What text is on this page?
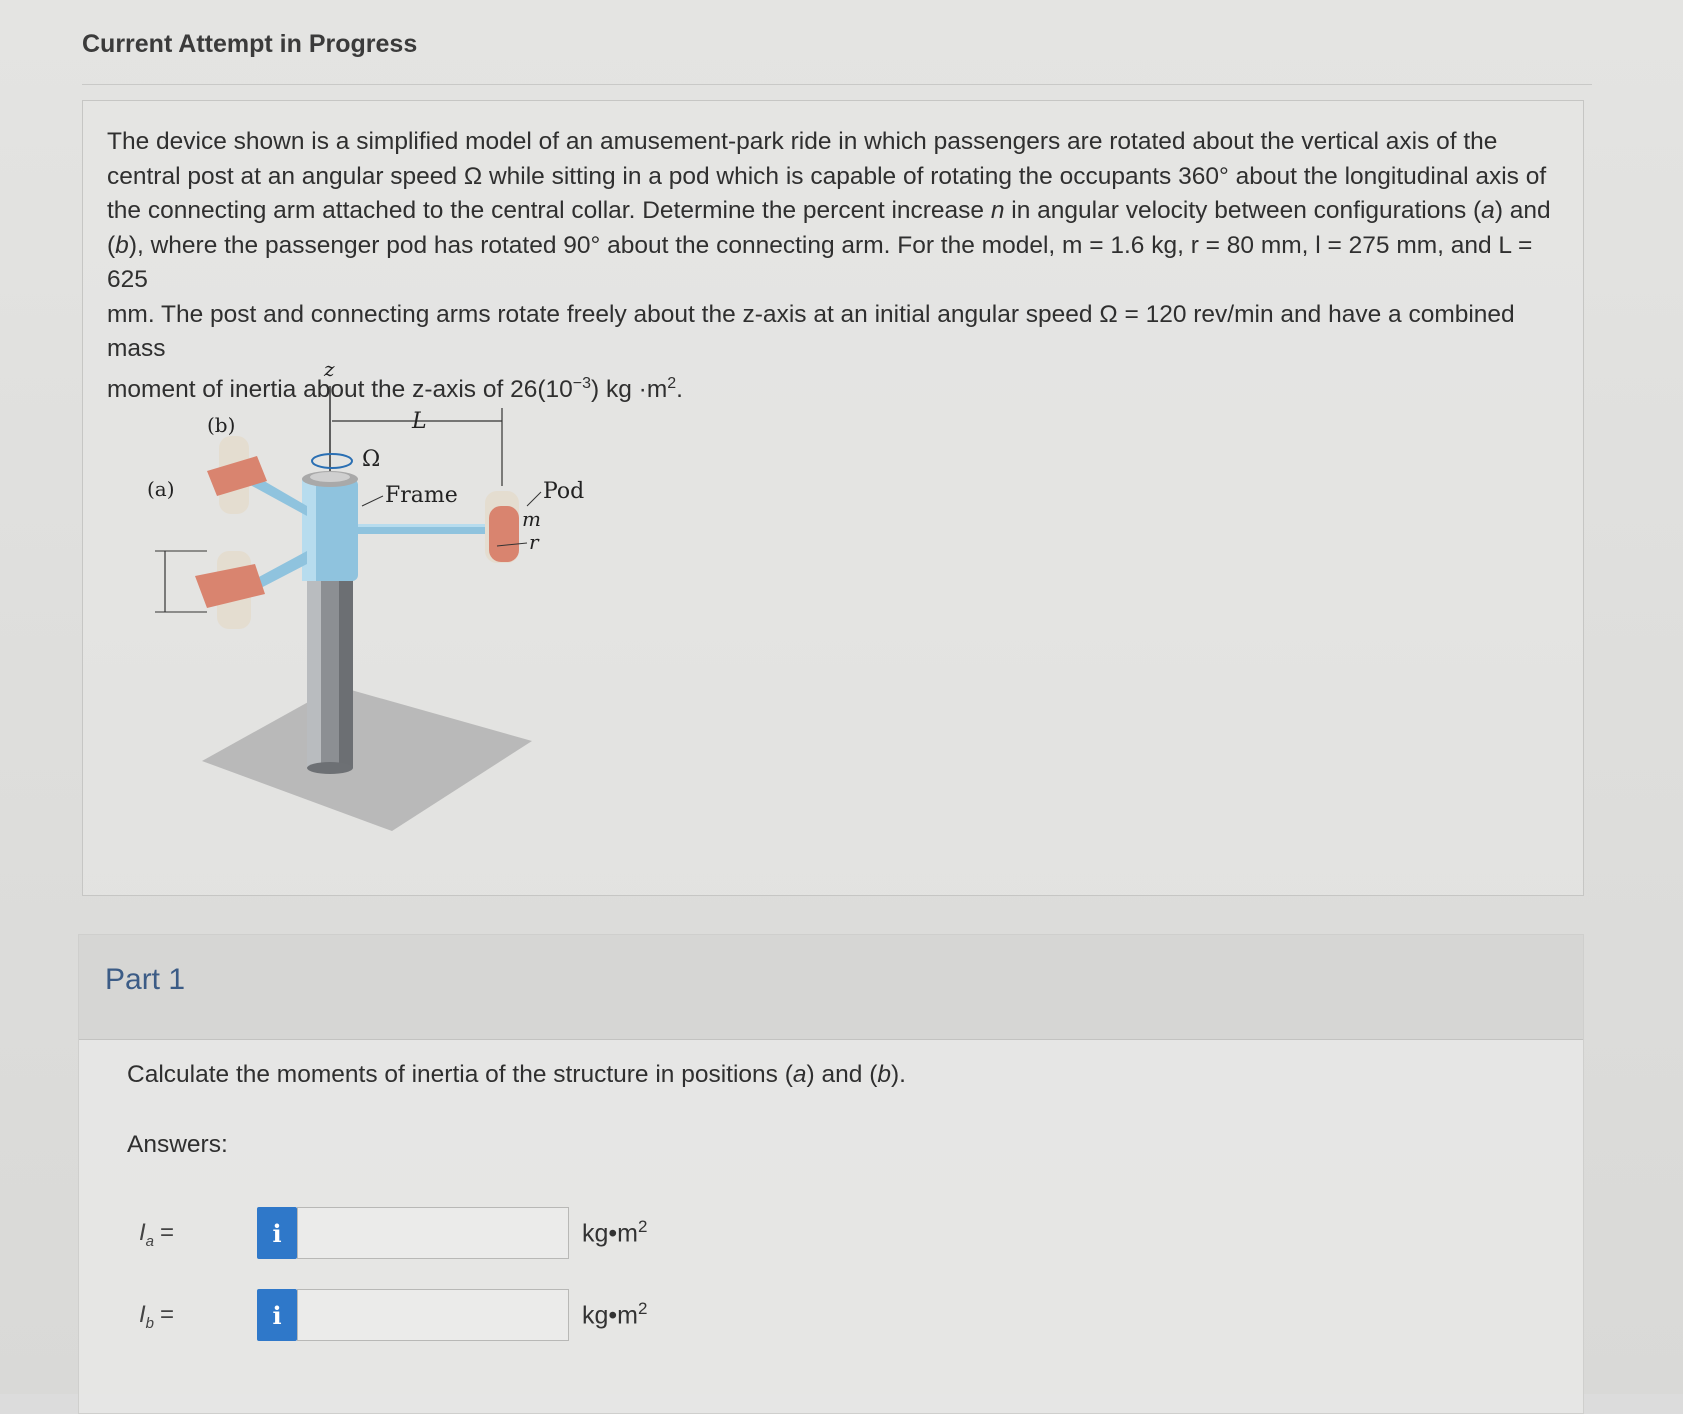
Current Attempt in Progress
The device shown is a simplified model of an amusement-park ride in which passengers are rotated about the vertical axis of the
central post at an angular speed Ω while sitting in a pod which is capable of rotating the occupants 360° about the longitudinal axis of
the connecting arm attached to the central collar. Determine the percent increase n in angular velocity between configurations (a) and
(b), where the passenger pod has rotated 90° about the connecting arm. For the model, m = 1.6 kg, r = 80 mm, l = 275 mm, and L = 625
mm. The post and connecting arms rotate freely about the z-axis at an initial angular speed Ω = 120 rev/min and have a combined mass
moment of inertia about the z-axis of $26(10^{-3})$ kg $\cdot m^2$.
z
Ω
L
Frame	Pod
m
r
(a)
(b)
Part 1
Calculate the moments of inertia of the structure in positions (a) and (b).
Answers:
$I_a$ =	i	$kg•m^2$
$I_b$ =	i	$kg•m^2$
